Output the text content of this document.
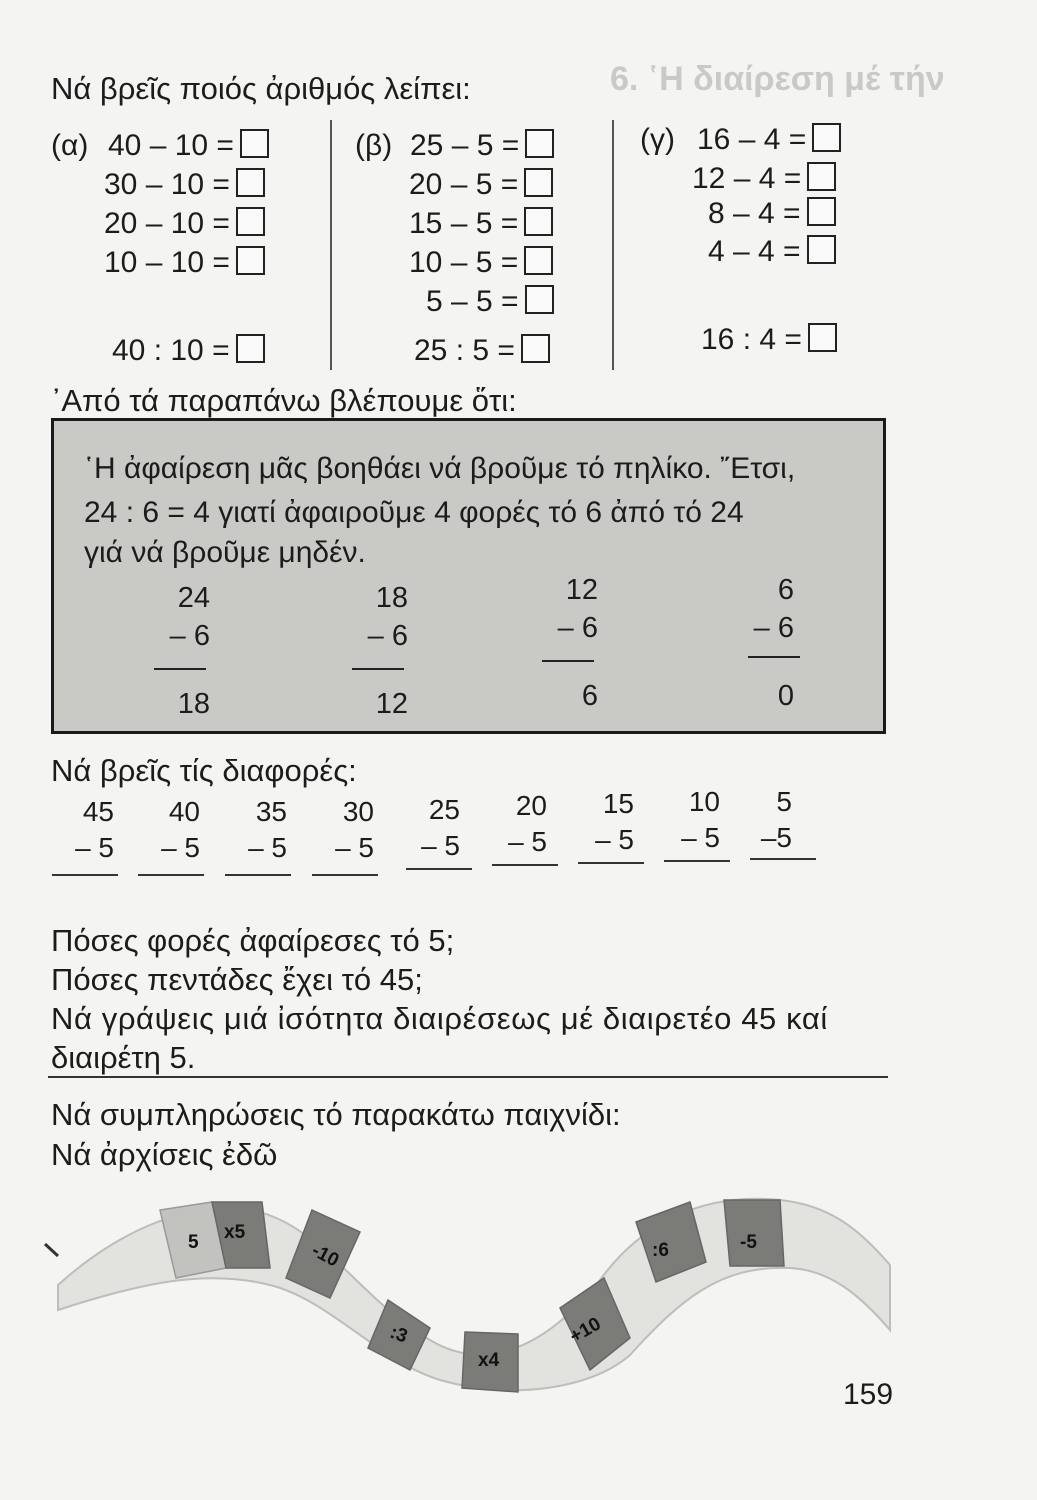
6. ῾Η διαίρεση μέ τήν
Νά βρεῖς ποιός ἀριθμός λείπει:
(α) 40 – 10 =
30 – 10 =
20 – 10 =
10 – 10 =
40 : 10 =
(β) 25 – 5 =
20 – 5 =
15 – 5 =
10 – 5 =
5 – 5 =
25 : 5 =
(γ) 16 – 4 =
12 – 4 =
8 – 4 =
4 – 4 =
16 : 4 =
᾿Από τά παραπάνω βλέπουμε ὅτι:
῾Η ἀφαίρεση μᾶς βοηθάει νά βροῦμε τό πηλίκο. ῎Ετσι,
24 : 6 = 4 γιατί ἀφαιροῦμε 4 φορές τό 6 ἀπό τό 24
γιά νά βροῦμε μηδέν.
24
– 6
18
18
– 6
12
12
– 6
6
6
– 6
0
Νά βρεῖς τίς διαφορές:
45
– 5
40
– 5
35
– 5
30
– 5
25
– 5
20
– 5
15
– 5
10
– 5
5
–5
Πόσες φορές ἀφαίρεσες τό 5;
Πόσες πεντάδες ἔχει τό 45;
Νά γράψεις μιά ἰσότητα διαιρέσεως μέ διαιρετέο 45 καί
διαιρέτη 5.
Νά συμπληρώσεις τό παρακάτω παιχνίδι:
Νά ἀρχίσεις ἐδῶ
5 x5
-10
:3
x4
+10
:6	-5
159
